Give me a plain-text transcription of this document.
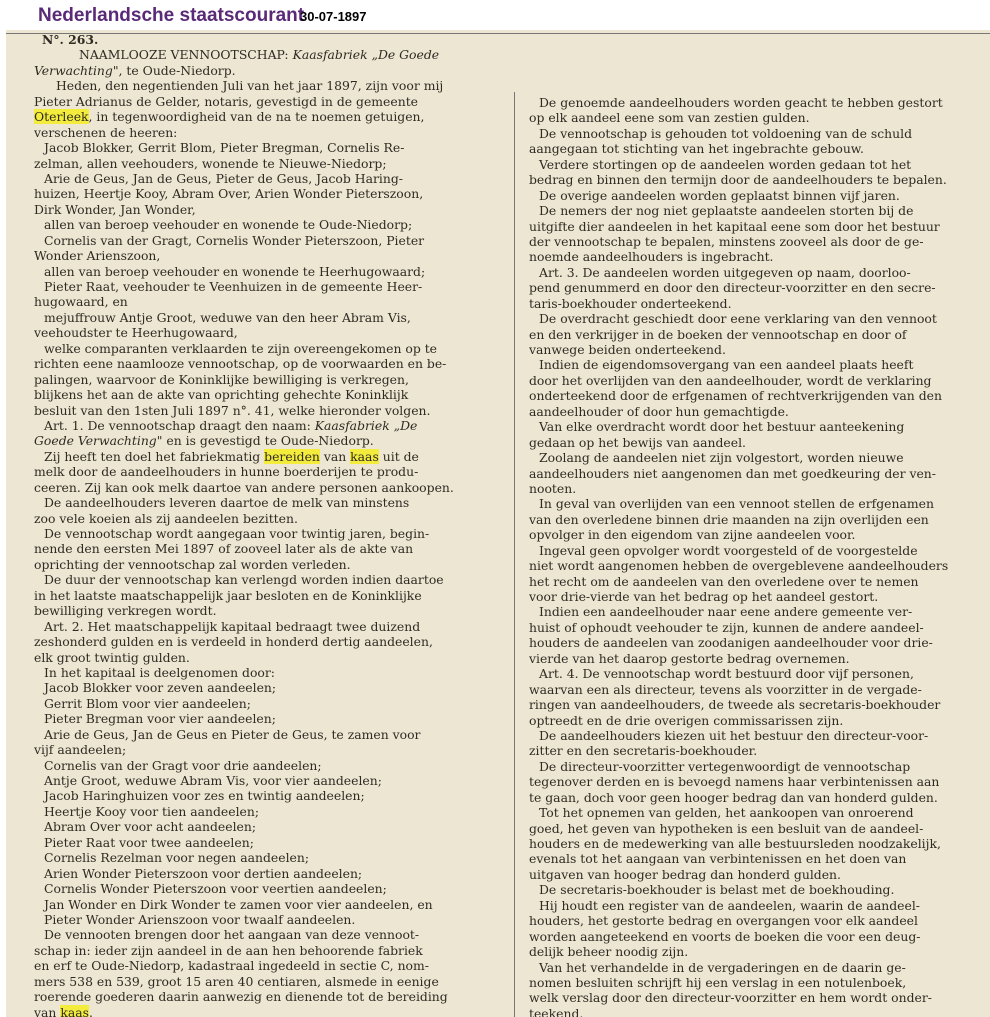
Nederlandsche staatscourant
30-07-1897
N°. 263.
NAAMLOOZE VENNOOTSCHAP: Kaasfabriek „De Goede
Verwachting", te Oude-Niedorp.
Heden, den negentienden Juli van het jaar 1897, zijn voor mij
Pieter Adrianus de Gelder, notaris, gevestigd in de gemeente
Oterleek, in tegenwoordigheid van de na te noemen getuigen,
verschenen de heeren:
Jacob Blokker, Gerrit Blom, Pieter Bregman, Cornelis Re-
zelman, allen veehouders, wonende te Nieuwe-Niedorp;
Arie de Geus, Jan de Geus, Pieter de Geus, Jacob Haring-
huizen, Heertje Kooy, Abram Over, Arien Wonder Pieterszoon,
Dirk Wonder, Jan Wonder,
allen van beroep veehouder en wonende te Oude-Niedorp;
Cornelis van der Gragt, Cornelis Wonder Pieterszoon, Pieter
Wonder Arienszoon,
allen van beroep veehouder en wonende te Heerhugowaard;
Pieter Raat, veehouder te Veenhuizen in de gemeente Heer-
hugowaard, en
mejuffrouw Antje Groot, weduwe van den heer Abram Vis,
veehoudster te Heerhugowaard,
welke comparanten verklaarden te zijn overeengekomen op te
richten eene naamlooze vennootschap, op de voorwaarden en be-
palingen, waarvoor de Koninklijke bewilliging is verkregen,
blijkens het aan de akte van oprichting gehechte Koninklijk
besluit van den 1sten Juli 1897 n°. 41, welke hieronder volgen.
Art. 1. De vennootschap draagt den naam: Kaasfabriek „De
Goede Verwachting" en is gevestigd te Oude-Niedorp.
Zij heeft ten doel het fabriekmatig bereiden van kaas uit de
melk door de aandeelhouders in hunne boerderijen te produ-
ceeren. Zij kan ook melk daartoe van andere personen aankoopen.
De aandeelhouders leveren daartoe de melk van minstens
zoo vele koeien als zij aandeelen bezitten.
De vennootschap wordt aangegaan voor twintig jaren, begin-
nende den eersten Mei 1897 of zooveel later als de akte van
oprichting der vennootschap zal worden verleden.
De duur der vennootschap kan verlengd worden indien daartoe
in het laatste maatschappelijk jaar besloten en de Koninklijke
bewilliging verkregen wordt.
Art. 2. Het maatschappelijk kapitaal bedraagt twee duizend
zeshonderd gulden en is verdeeld in honderd dertig aandeelen,
elk groot twintig gulden.
In het kapitaal is deelgenomen door:
Jacob Blokker voor zeven aandeelen;
Gerrit Blom voor vier aandeelen;
Pieter Bregman voor vier aandeelen;
Arie de Geus, Jan de Geus en Pieter de Geus, te zamen voor
vijf aandeelen;
Cornelis van der Gragt voor drie aandeelen;
Antje Groot, weduwe Abram Vis, voor vier aandeelen;
Jacob Haringhuizen voor zes en twintig aandeelen;
Heertje Kooy voor tien aandeelen;
Abram Over voor acht aandeelen;
Pieter Raat voor twee aandeelen;
Cornelis Rezelman voor negen aandeelen;
Arien Wonder Pieterszoon voor dertien aandeelen;
Cornelis Wonder Pieterszoon voor veertien aandeelen;
Jan Wonder en Dirk Wonder te zamen voor vier aandeelen, en
Pieter Wonder Arienszoon voor twaalf aandeelen.
De vennooten brengen door het aangaan van deze vennoot-
schap in: ieder zijn aandeel in de aan hen behoorende fabriek
en erf te Oude-Niedorp, kadastraal ingedeeld in sectie C, nom-
mers 538 en 539, groot 15 aren 40 centiaren, alsmede in eenige
roerende goederen daarin aanwezig en dienende tot de bereiding
van kaas.
De genoemde aandeelhouders worden geacht te hebben gestort
op elk aandeel eene som van zestien gulden.
De vennootschap is gehouden tot voldoening van de schuld
aangegaan tot stichting van het ingebrachte gebouw.
Verdere stortingen op de aandeelen worden gedaan tot het
bedrag en binnen den termijn door de aandeelhouders te bepalen.
De overige aandeelen worden geplaatst binnen vijf jaren.
De nemers der nog niet geplaatste aandeelen storten bij de
uitgifte dier aandeelen in het kapitaal eene som door het bestuur
der vennootschap te bepalen, minstens zooveel als door de ge-
noemde aandeelhouders is ingebracht.
Art. 3. De aandeelen worden uitgegeven op naam, doorloo-
pend genummerd en door den directeur-voorzitter en den secre-
taris-boekhouder onderteekend.
De overdracht geschiedt door eene verklaring van den vennoot
en den verkrijger in de boeken der vennootschap en door of
vanwege beiden onderteekend.
Indien de eigendomsovergang van een aandeel plaats heeft
door het overlijden van den aandeelhouder, wordt de verklaring
onderteekend door de erfgenamen of rechtverkrijgenden van den
aandeelhouder of door hun gemachtigde.
Van elke overdracht wordt door het bestuur aanteekening
gedaan op het bewijs van aandeel.
Zoolang de aandeelen niet zijn volgestort, worden nieuwe
aandeelhouders niet aangenomen dan met goedkeuring der ven-
nooten.
In geval van overlijden van een vennoot stellen de erfgenamen
van den overledene binnen drie maanden na zijn overlijden een
opvolger in den eigendom van zijne aandeelen voor.
Ingeval geen opvolger wordt voorgesteld of de voorgestelde
niet wordt aangenomen hebben de overgeblevene aandeelhouders
het recht om de aandeelen van den overledene over te nemen
voor drie-vierde van het bedrag op het aandeel gestort.
Indien een aandeelhouder naar eene andere gemeente ver-
huist of ophoudt veehouder te zijn, kunnen de andere aandeel-
houders de aandeelen van zoodanigen aandeelhouder voor drie-
vierde van het daarop gestorte bedrag overnemen.
Art. 4. De vennootschap wordt bestuurd door vijf personen,
waarvan een als directeur, tevens als voorzitter in de vergade-
ringen van aandeelhouders, de tweede als secretaris-boekhouder
optreedt en de drie overigen commissarissen zijn.
De aandeelhouders kiezen uit het bestuur den directeur-voor-
zitter en den secretaris-boekhouder.
De directeur-voorzitter vertegenwoordigt de vennootschap
tegenover derden en is bevoegd namens haar verbintenissen aan
te gaan, doch voor geen hooger bedrag dan van honderd gulden.
Tot het opnemen van gelden, het aankoopen van onroerend
goed, het geven van hypotheken is een besluit van de aandeel-
houders en de medewerking van alle bestuursleden noodzakelijk,
evenals tot het aangaan van verbintenissen en het doen van
uitgaven van hooger bedrag dan honderd gulden.
De secretaris-boekhouder is belast met de boekhouding.
Hij houdt een register van de aandeelen, waarin de aandeel-
houders, het gestorte bedrag en overgangen voor elk aandeel
worden aangeteekend en voorts de boeken die voor een deug-
delijk beheer noodig zijn.
Van het verhandelde in de vergaderingen en de daarin ge-
nomen besluiten schrijft hij een verslag in een notulenboek,
welk verslag door den directeur-voorzitter en hem wordt onder-
teekend.
